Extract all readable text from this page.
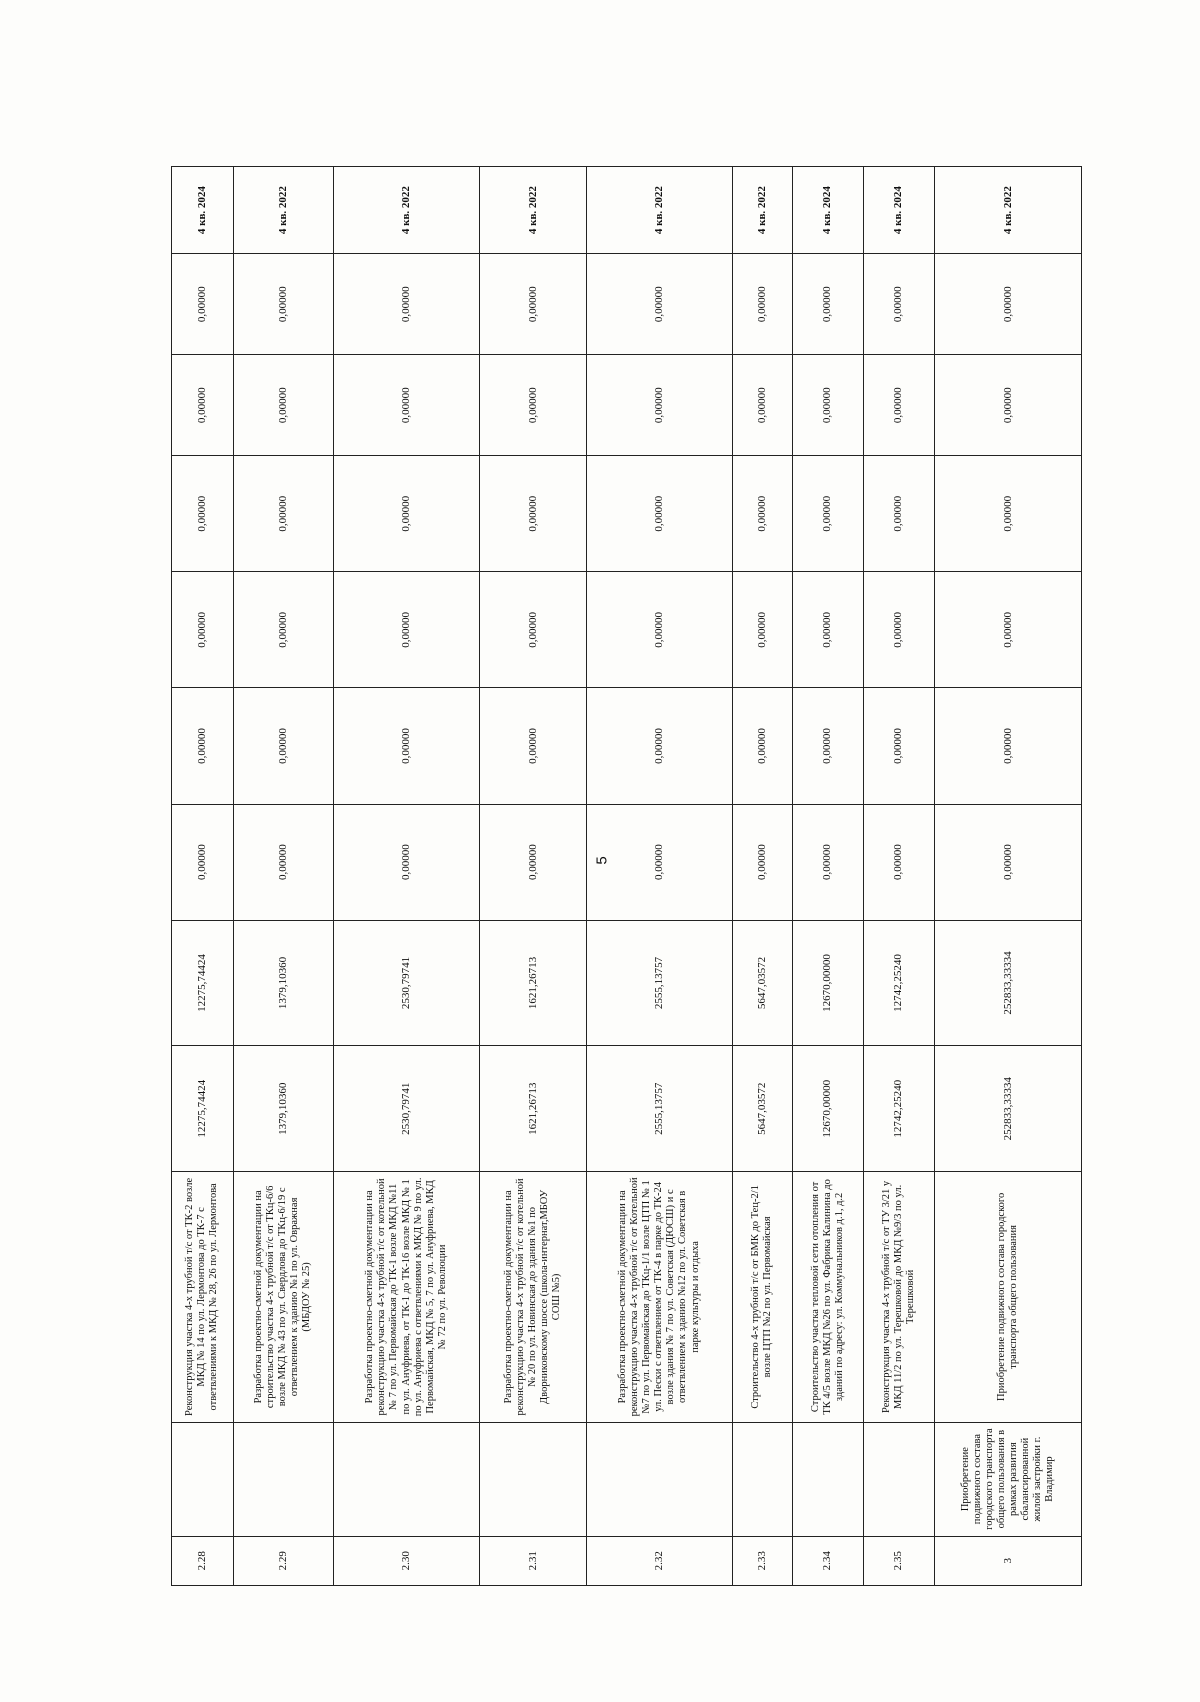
5
2.28		Реконструкция участка 4-х трубной т/с от ТК-2 возле МКД № 14 по ул. Лермонтова до ТК-7 с ответвлениями к МКД № 28, 26 по ул. Лермонтова	12275,74424	12275,74424	0,00000	0,00000	0,00000	0,00000	0,00000	0,00000	4 кв. 2024
2.29		Разработка проектно-сметной документации на строительство участка 4-х трубной т/с от ТКц-6/6 возле МКД № 43 по ул. Свердлова до ТКц-6/19 с ответвлением к зданию №1 по ул. Овражная (МБДОУ № 25)	1379,10360	1379,10360	0,00000	0,00000	0,00000	0,00000	0,00000	0,00000	4 кв. 2022
2.30		Разработка проектно-сметной документации на реконструкцию участка 4-х трубной т/с от котельной № 7 по ул. Первомайская до ТК-1 возле МКД №11 по ул. Ануфриева, от ТК-1 до ТК-16 возле МКД № 1 по ул. Ануфриева с ответвлениями к МКД № 9 по ул. Первомайская, МКД № 5, 7 по ул. Ануфриева, МКД № 72 по ул. Революции	2530,79741	2530,79741	0,00000	0,00000	0,00000	0,00000	0,00000	0,00000	4 кв. 2022
2.31		Разработка проектно-сметной документации на реконструкцию участка 4-х трубной т/с от котельной № 20 по ул. Новинская до здания №1 по Дворниковскому шоссе (школа-интернат,МБОУ СОШ №5)	1621,26713	1621,26713	0,00000	0,00000	0,00000	0,00000	0,00000	0,00000	4 кв. 2022
2.32		Разработка проектно-сметной документации на реконструкцию участка 4-х трубной т/с от Котельной №7 по ул. Первомайская до ТКц-1/1 возле ЦТП № 1 ул. Пески с ответвлением от ТК-4 в парке до ТК-24 возле здания № 7 по ул. Советская (ДЮСШ) и с ответвлением к зданию №12 по ул. Советская в парке культуры и отдыха	2555,13757	2555,13757	0,00000	0,00000	0,00000	0,00000	0,00000	0,00000	4 кв. 2022
2.33		Строительство 4-х трубной т/с от БМК до Тец-2/1 возле ЦТП №2 по ул. Первомайская	5647,03572	5647,03572	0,00000	0,00000	0,00000	0,00000	0,00000	0,00000	4 кв. 2022
2.34		Строительство участка тепловой сети отопления от ТК 4/5 возле МКД №26 по ул. Фабрика Калинина до зданий по адресу: ул. Коммунальников д.1, д.2	12670,00000	12670,00000	0,00000	0,00000	0,00000	0,00000	0,00000	0,00000	4 кв. 2024
2.35		Реконструкция участка 4-х трубной т/с от ТУ 3/21 у МКД 11/2 по ул. Терешковой до МКД №9/3 по ул. Терешковой	12742,25240	12742,25240	0,00000	0,00000	0,00000	0,00000	0,00000	0,00000	4 кв. 2024
3	Приобретение подвижного состава городского транспорта общего пользования в рамках развития сбалансированной жилой застройки г. Владимир	Приобретение подвижного состава городского транспорта общего пользования	252833,33334	252833,33334	0,00000	0,00000	0,00000	0,00000	0,00000	0,00000	4 кв. 2022
